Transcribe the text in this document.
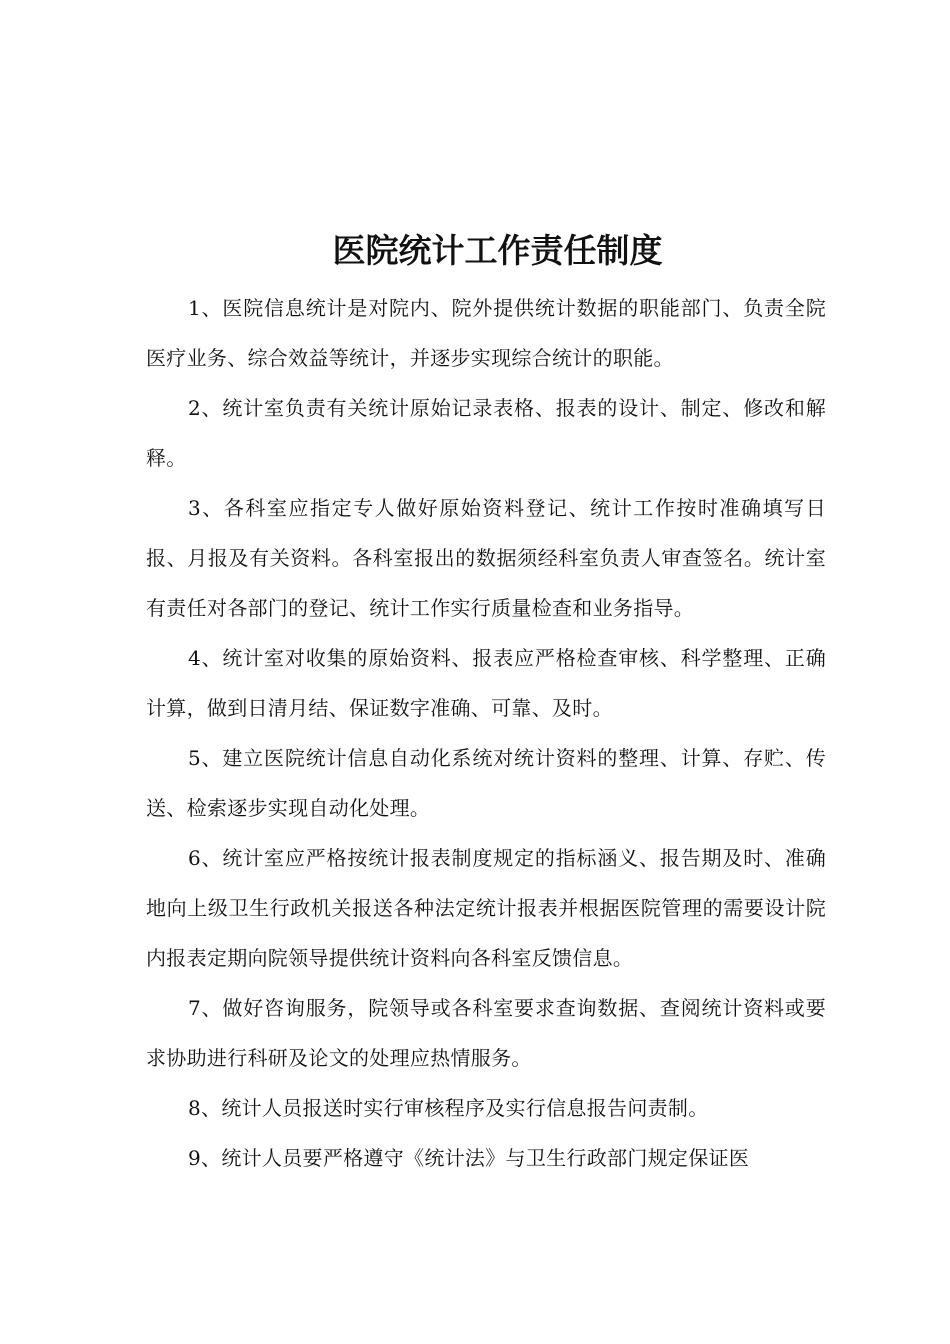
医院统计工作责任制度

1、医院信息统计是对院内、院外提供统计数据的职能部门、负责全院医疗业务、综合效益等统计，并逐步实现综合统计的职能。

2、统计室负责有关统计原始记录表格、报表的设计、制定、修改和解释。

3、各科室应指定专人做好原始资料登记、统计工作按时准确填写日报、月报及有关资料。各科室报出的数据须经科室负责人审查签名。统计室有责任对各部门的登记、统计工作实行质量检查和业务指导。

4、统计室对收集的原始资料、报表应严格检查审核、科学整理、正确计算，做到日清月结、保证数字准确、可靠、及时。

5、建立医院统计信息自动化系统对统计资料的整理、计算、存贮、传送、检索逐步实现自动化处理。

6、统计室应严格按统计报表制度规定的指标涵义、报告期及时、准确地向上级卫生行政机关报送各种法定统计报表并根据医院管理的需要设计院内报表定期向院领导提供统计资料向各科室反馈信息。

7、做好咨询服务，院领导或各科室要求查询数据、查阅统计资料或要求协助进行科研及论文的处理应热情服务。

8、统计人员报送时实行审核程序及实行信息报告问责制。

9、统计人员要严格遵守《统计法》与卫生行政部门规定保证医
